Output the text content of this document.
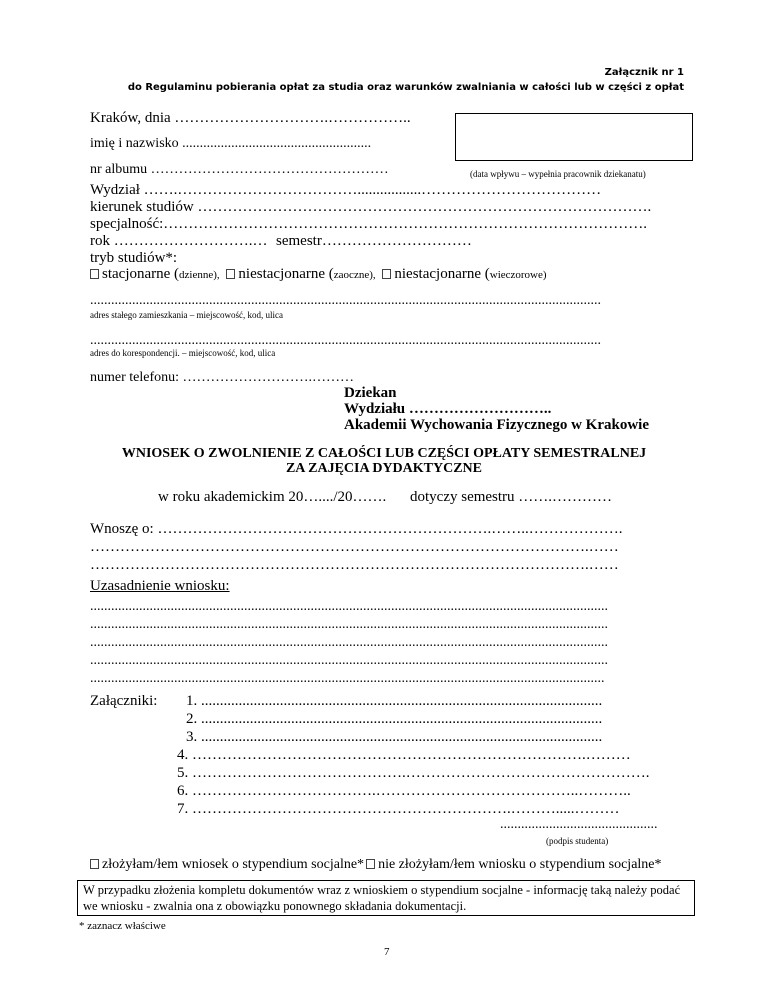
Załącznik nr 1
do Regulaminu pobierania opłat za studia oraz warunków zwalniania w całości lub w części z opłat
Kraków, dnia ………………………….……………..
imię i nazwisko ......................................................
nr albumu ……………………………………………	(data wpływu – wypełnia pracownik dziekanatu)
Wydział …….……………………………….................………………………………
kierunek studiów ……………………………………………………………………………….
specjalność:…………………………………………………………………………………….
rok ……………………….… semestr…………………………
tryb studiów*:
stacjonarne (dzienne), niestacjonarne (zaoczne), niestacjonarne (wieczorowe)
..................................................................................................................................................
adres stałego zamieszkania – miejscowość, kod, ulica
..................................................................................................................................................
adres do korespondencji. – miejscowość, kod, ulica
numer telefonu: ……………………….………
Dziekan
Wydziału ………………………..
Akademii Wychowania Fizycznego w Krakowie
WNIOSEK O ZWOLNIENIE Z CAŁOŚCI LUB CZĘŚCI OPŁATY SEMESTRALNEJ
ZA ZAJĘCIA DYDAKTYCZNE
w roku akademickim 20…..../20……. dotyczy semestru …….…………
Wnoszę o: ………………………………………………………….……..……………….
……………………………………………………………………………………….……
……………………………………………………………………………………….……
Uzasadnienie wniosku:
....................................................................................................................................................
....................................................................................................................................................
....................................................................................................................................................
....................................................................................................................................................
...................................................................................................................................................
Załączniki: 1. ...........................................................................................................
2. ...........................................................................................................
3. ...........................................................................................................
4. …………………………………………………………………….………
5. …………………………………….………………………………………….
6. ……………………………….…………………………………..………..
7. ……………………………………………………….……….....………
.............................................
(podpis studenta)
złożyłam/łem wniosek o stypendium socjalne* nie złożyłam/łem wniosku o stypendium socjalne*
W przypadku złożenia kompletu dokumentów wraz z wnioskiem o stypendium socjalne - informację taką należy podać we wniosku - zwalnia ona z obowiązku ponownego składania dokumentacji.
* zaznacz właściwe
7
